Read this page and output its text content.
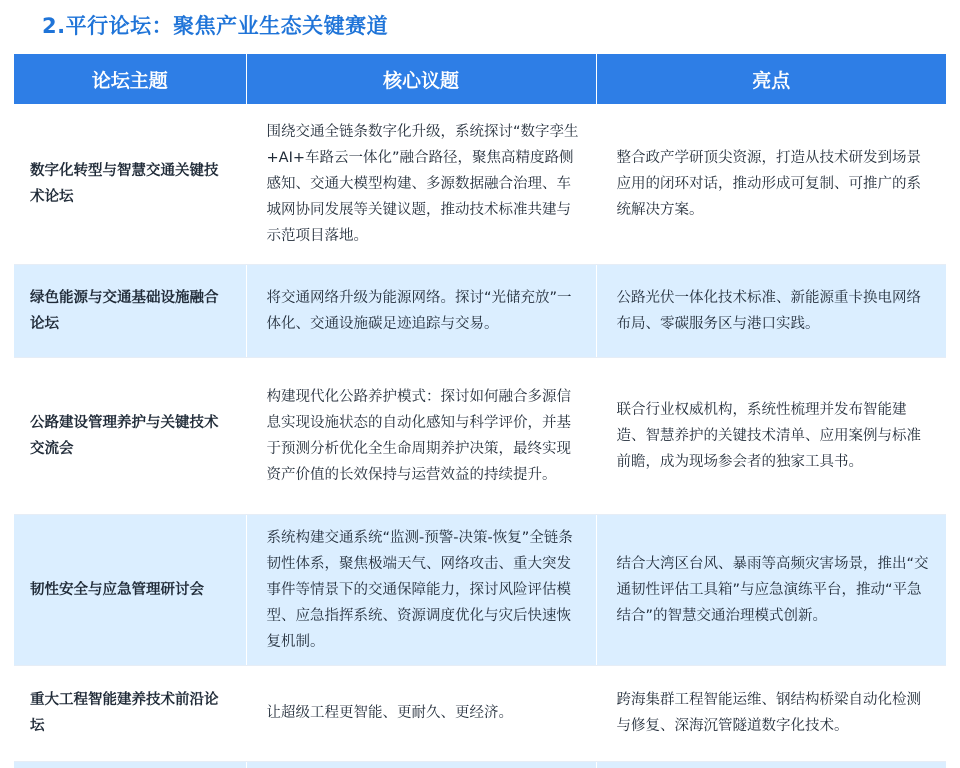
2.平行论坛：聚焦产业生态关键赛道
论坛主题	核心议题	亮点
数字化转型与智慧交通关键技术论坛	围绕交通全链条数字化升级，系统探讨“数字孪生+AI+车路云一体化”融合路径，聚焦高精度路侧感知、交通大模型构建、多源数据融合治理、车城网协同发展等关键议题，推动技术标准共建与示范项目落地。	整合政产学研顶尖资源，打造从技术研发到场景应用的闭环对话，推动形成可复制、可推广的系统解决方案。
绿色能源与交通基础设施融合论坛	将交通网络升级为能源网络。探讨“光储充放”一体化、交通设施碳足迹追踪与交易。	公路光伏一体化技术标准、新能源重卡换电网络布局、零碳服务区与港口实践。
公路建设管理养护与关键技术交流会	构建现代化公路养护模式：探讨如何融合多源信息实现设施状态的自动化感知与科学评价，并基于预测分析优化全生命周期养护决策，最终实现资产价值的长效保持与运营效益的持续提升。	联合行业权威机构，系统性梳理并发布智能建造、智慧养护的关键技术清单、应用案例与标准前瞻，成为现场参会者的独家工具书。
韧性安全与应急管理研讨会	系统构建交通系统“监测-预警-决策-恢复”全链条韧性体系，聚焦极端天气、网络攻击、重大突发事件等情景下的交通保障能力，探讨风险评估模型、应急指挥系统、资源调度优化与灾后快速恢复机制。	结合大湾区台风、暴雨等高频灾害场景，推出“交通韧性评估工具箱”与应急演练平台，推动“平急结合”的智慧交通治理模式创新。
重大工程智能建养技术前沿论坛	让超级工程更智能、更耐久、更经济。	跨海集群工程智能运维、钢结构桥梁自动化检测与修复、深海沉管隧道数字化技术。
